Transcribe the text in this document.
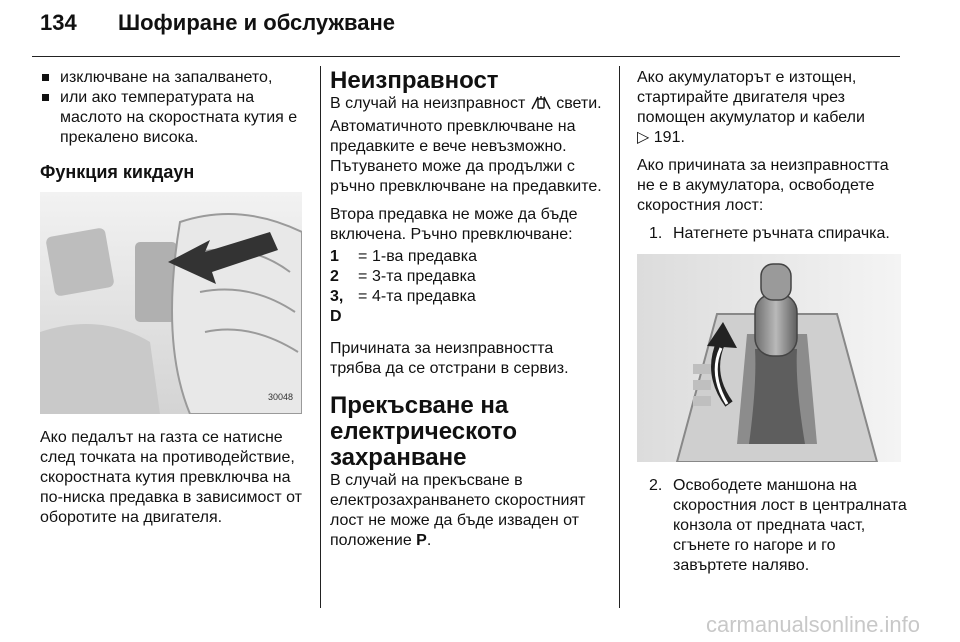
134 Шофиране и обслужване
изключване на запалването,
или ако температурата на маслото на скоростната кутия е прекалено висока.
Функция кикдаун
30048

Ако педалът на газта се натисне след точката на противодействие, скоростната кутия превключва на по-ниска предавка в зависимост от оборотите на двигателя.

Неизправност

В случай на неизправност свети. Автоматичното превключване на предавките е вече невъзможно. Пътуването може да продължи с ръчно превключване на предавките.

Втора предавка не може да бъде включена. Ръчно превключване:

1	= 1-ва предавка
2	= 3-та предавка
3, D
= 4-та предавка

Причината за неизправността трябва да се отстрани в сервиз.

Прекъсване на електрическото захранване

В случай на прекъсване в електрозахранването скоростният лост не може да бъде изваден от положение P.

Ако акумулаторът е изтощен, стартирайте двигателя чрез помощен акумулатор и кабели
▷ 191.

Ако причината за неизправността не е в акумулатора, освободете скоростния лост:

1. Натегнете ръчната спирачка.
2. Освободете маншона на скоростния лост в централната конзола от предната част, сгънете го нагоре и го завъртете наляво.
carmanualsonline.info
